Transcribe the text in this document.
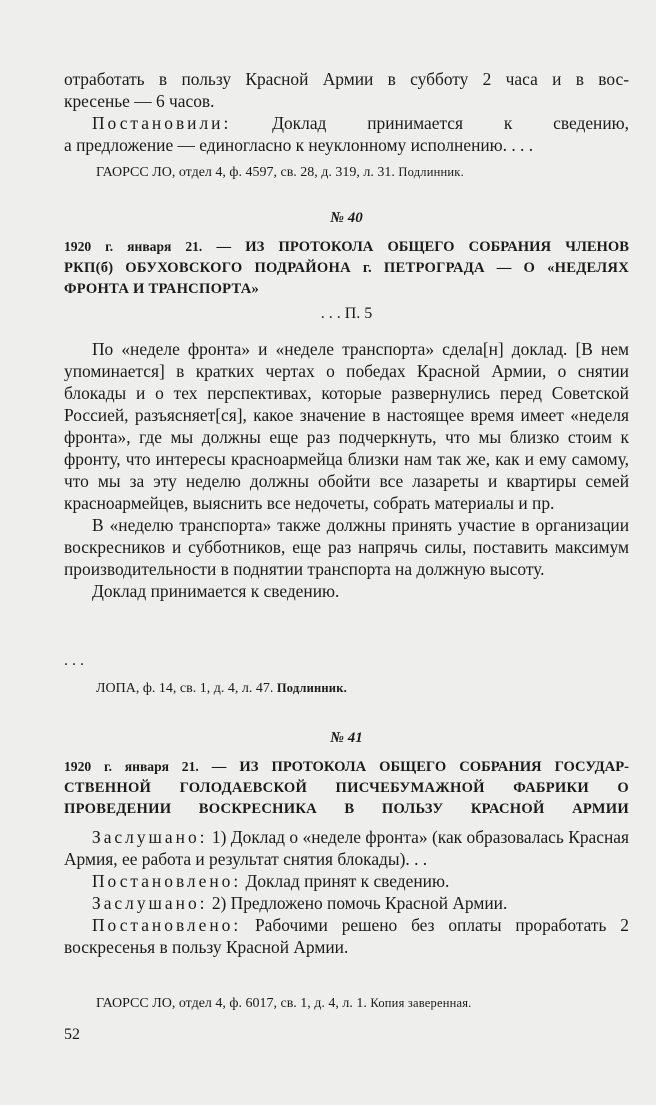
отработать в пользу Красной Армии в субботу 2 часа и в вос-

кресенье — 6 часов.

Постановили: Доклад принимается к сведению,

а предложение — единогласно к неуклонному исполнению. . . .

ГАОРСС ЛО, отдел 4, ф. 4597, св. 28, д. 319, л. 31. Подлинник.

№ 40

1920 г. января 21. — ИЗ ПРОТОКОЛА ОБЩЕГО СОБРАНИЯ ЧЛЕНОВ

РКП(б) ОБУХОВСКОГО ПОДРАЙОНА г. ПЕТРОГРАДА — О «НЕДЕЛЯХ ФРОНТА И ТРАНСПОРТА»

. . . П. 5

По «неделе фронта» и «неделе транспорта» сдела[н] доклад. [В нем упоминается] в кратких чертах о победах Красной Армии, о снятии блокады и о тех перспективах, которые развернулись перед Советской Россией, разъясняет[ся], какое значение в настоящее время имеет «неделя фронта», где мы должны еще раз подчеркнуть, что мы близко стоим к фронту, что интересы красноармейца близки нам так же, как и ему самому, что мы за эту неделю должны обойти все лазареты и квартиры семей красноармейцев, выяснить все недочеты, собрать материалы и пр.

В «неделю транспорта» также должны принять участие в организации воскресников и субботников, еще раз напрячь силы, поставить максимум производительности в поднятии транспорта на должную высоту.

Доклад принимается к сведению.

. . .

ЛОПА, ф. 14, св. 1, д. 4, л. 47. Подлинник.

№ 41

1920 г. января 21. — ИЗ ПРОТОКОЛА ОБЩЕГО СОБРАНИЯ ГОСУДАР-

СТВЕННОЙ ГОЛОДАЕВСКОЙ ПИСЧЕБУМАЖНОЙ ФАБРИКИ О ПРОВЕДЕНИИ ВОСКРЕСНИКА В ПОЛЬЗУ КРАСНОЙ АРМИИ

Заслушано: 1) Доклад о «неделе фронта» (как образовалась Красная Армия, ее работа и результат снятия блокады). . .

Постановлено: Доклад принят к сведению.

Заслушано: 2) Предложено помочь Красной Армии.

Постановлено: Рабочими решено без оплаты проработать 2 воскресенья в пользу Красной Армии.

ГАОРСС ЛО, отдел 4, ф. 6017, св. 1, д. 4, л. 1. Копия заверенная.

52
